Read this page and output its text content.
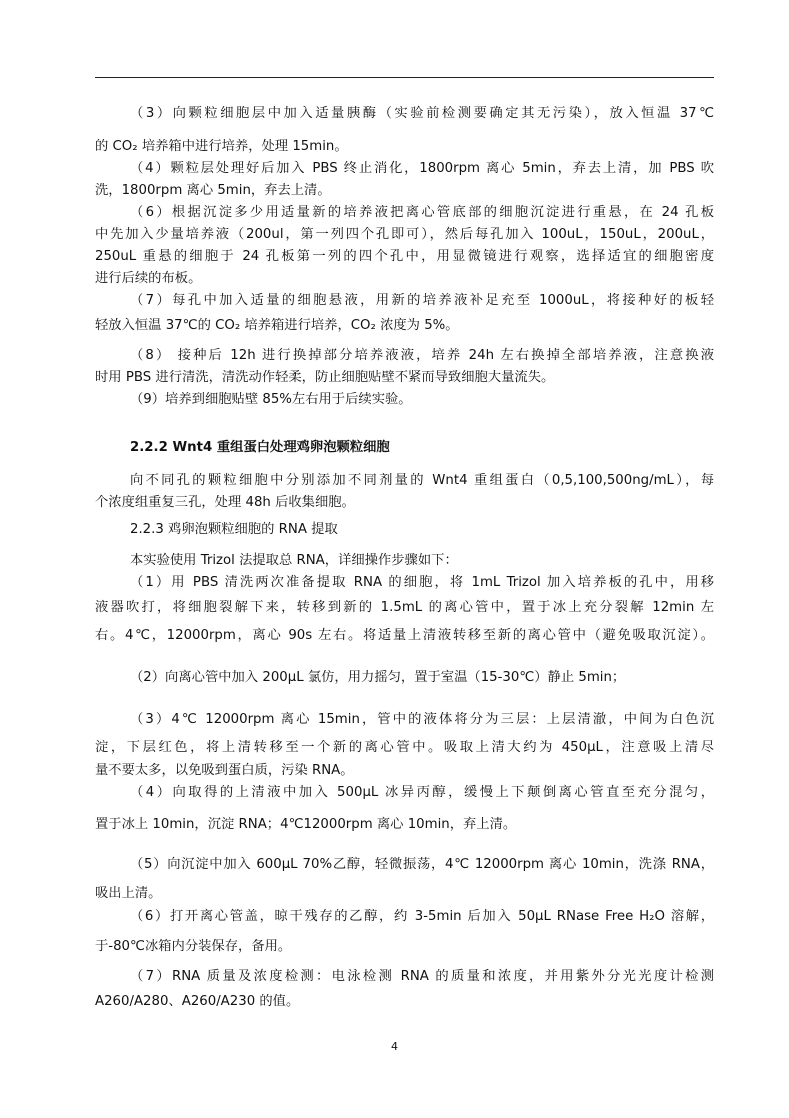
（3）向颗粒细胞层中加入适量胰酶（实验前检测要确定其无污染），放入恒温 37℃
的 CO₂ 培养箱中进行培养，处理 15min。
（4）颗粒层处理好后加入 PBS 终止消化，1800rpm 离心 5min，弃去上清，加 PBS 吹
洗，1800rpm 离心 5min，弃去上清。
（6）根据沉淀多少用适量新的培养液把离心管底部的细胞沉淀进行重悬，在 24 孔板
中先加入少量培养液（200ul，第一列四个孔即可），然后每孔加入 100uL，150uL，200uL，
250uL 重悬的细胞于 24 孔板第一列的四个孔中，用显微镜进行观察，选择适宜的细胞密度
进行后续的布板。
（7）每孔中加入适量的细胞悬液，用新的培养液补足充至 1000uL，将接种好的板轻
轻放入恒温 37℃的 CO₂ 培养箱进行培养，CO₂ 浓度为 5%。
（8） 接种后 12h 进行换掉部分培养液液，培养 24h 左右换掉全部培养液，注意换液
时用 PBS 进行清洗，清洗动作轻柔，防止细胞贴壁不紧而导致细胞大量流失。
（9）培养到细胞贴壁 85%左右用于后续实验。
2.2.2 Wnt4 重组蛋白处理鸡卵泡颗粒细胞
向不同孔的颗粒细胞中分别添加不同剂量的 Wnt4 重组蛋白（0,5,100,500ng/mL），每
个浓度组重复三孔，处理 48h 后收集细胞。
2.2.3 鸡卵泡颗粒细胞的 RNA 提取
本实验使用 Trizol 法提取总 RNA，详细操作步骤如下：
（1）用 PBS 清洗两次准备提取 RNA 的细胞，将 1mL Trizol 加入培养板的孔中，用移
液器吹打，将细胞裂解下来，转移到新的 1.5mL 的离心管中，置于冰上充分裂解 12min 左
右。4℃，12000rpm，离心 90s 左右。将适量上清液转移至新的离心管中（避免吸取沉淀）。
（2）向离心管中加入 200μL 氯仿，用力摇匀，置于室温（15-30℃）静止 5min；
（3）4℃ 12000rpm 离心 15min，管中的液体将分为三层：上层清澈，中间为白色沉
淀，下层红色，将上清转移至一个新的离心管中。吸取上清大约为 450μL，注意吸上清尽
量不要太多，以免吸到蛋白质，污染 RNA。
（4）向取得的上清液中加入 500μL 冰异丙醇，缓慢上下颠倒离心管直至充分混匀，
置于冰上 10min，沉淀 RNA；4℃12000rpm 离心 10min，弃上清。
（5）向沉淀中加入 600μL 70%乙醇，轻微振荡，4℃ 12000rpm 离心 10min，洗涤 RNA，
吸出上清。
（6）打开离心管盖，晾干残存的乙醇，约 3-5min 后加入 50μL RNase Free H₂O 溶解，
于-80℃冰箱内分装保存，备用。
（7）RNA 质量及浓度检测：电泳检测 RNA 的质量和浓度，并用紫外分光光度计检测
A260/A280、A260/A230 的值。
4
